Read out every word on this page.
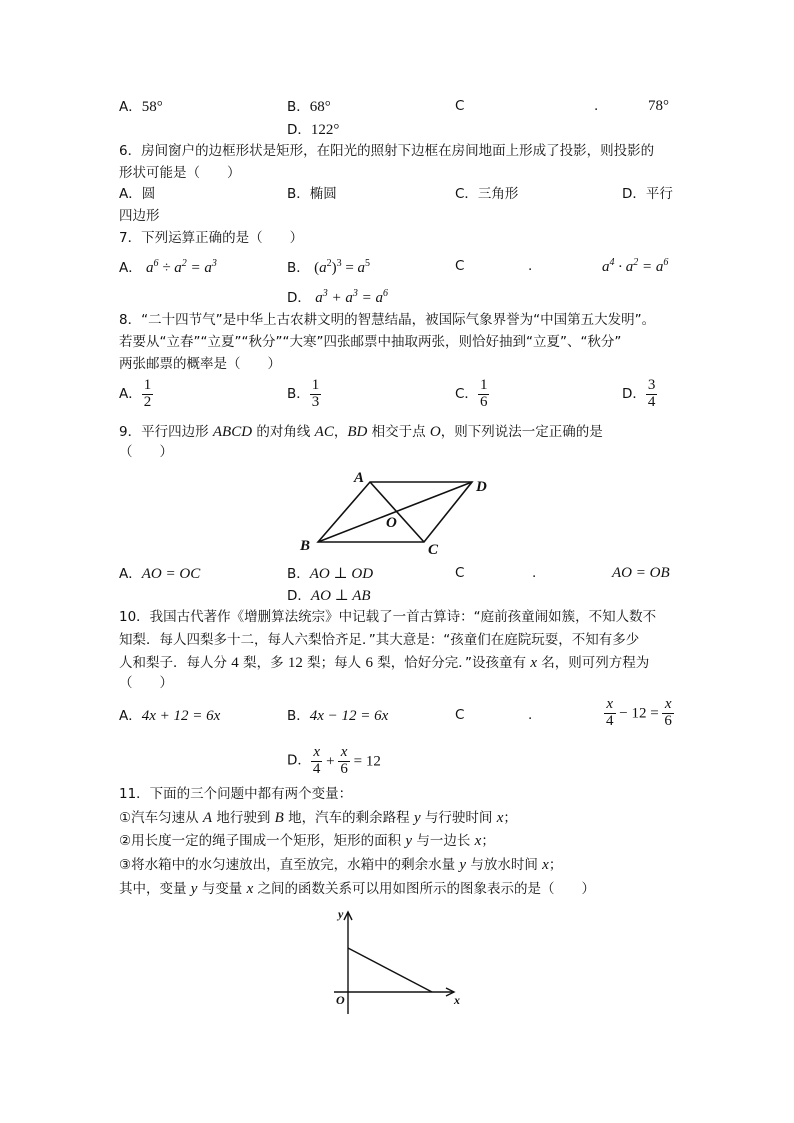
A．58°	B．68°	C	.	78°
D．122°
6．房间窗户的边框形状是矩形，在阳光的照射下边框在房间地面上形成了投影，则投影的
形状可能是（　　）
A．圆	B．椭圆	C．三角形	D．平行
四边形
7．下列运算正确的是（　　）
A． $a^6 \div a^2 = a^3$	B． $(a^2)^3 = a^5$	C	.	$a^4 \cdot a^2 = a^6$
D． $a^3 + a^3 = a^6$
8．“二十四节气”是中华上古农耕文明的智慧结晶，被国际气象界誉为“中国第五大发明”。
若要从“立春”“立夏”“秋分”“大寒”四张邮票中抽取两张，则恰好抽到“立夏”、“秋分”
两张邮票的概率是（　　）
A． $\frac{1}{2}$	B． $\frac{1}{3}$	C． $\frac{1}{6}$	D． $\frac{3}{4}$
9．平行四边形 ABCD 的对角线 AC，BD 相交于点 O，则下列说法一定正确的是
（　　）
A
D
B	C
O
A．AO = OC	B．AO ⊥ OD	C	.	AO = OB
D．AO ⊥ AB
10．我国古代著作《增删算法统宗》中记载了一首古算诗：“庭前孩童闹如簇，不知人数不
知梨．每人四梨多十二，每人六梨恰齐足．”其大意是：“孩童们在庭院玩耍，不知有多少
人和梨子．每人分 4 梨，多 12 梨；每人 6 梨，恰好分完．”设孩童有 x 名，则可列方程为
（　　）
A．4x + 12 = 6x	B．4x − 12 = 6x	C	.	$\frac{x}{4} - 12 = \frac{x}{6}$
D． $\frac{x}{4} + \frac{x}{6} = 12$
11．下面的三个问题中都有两个变量：
①汽车匀速从 A 地行驶到 B 地，汽车的剩余路程 y 与行驶时间 x；
②用长度一定的绳子围成一个矩形，矩形的面积 y 与一边长 x；
③将水箱中的水匀速放出，直至放完，水箱中的剩余水量 y 与放水时间 x；
其中，变量 y 与变量 x 之间的函数关系可以用如图所示的图象表示的是（　　）
y
x
O
